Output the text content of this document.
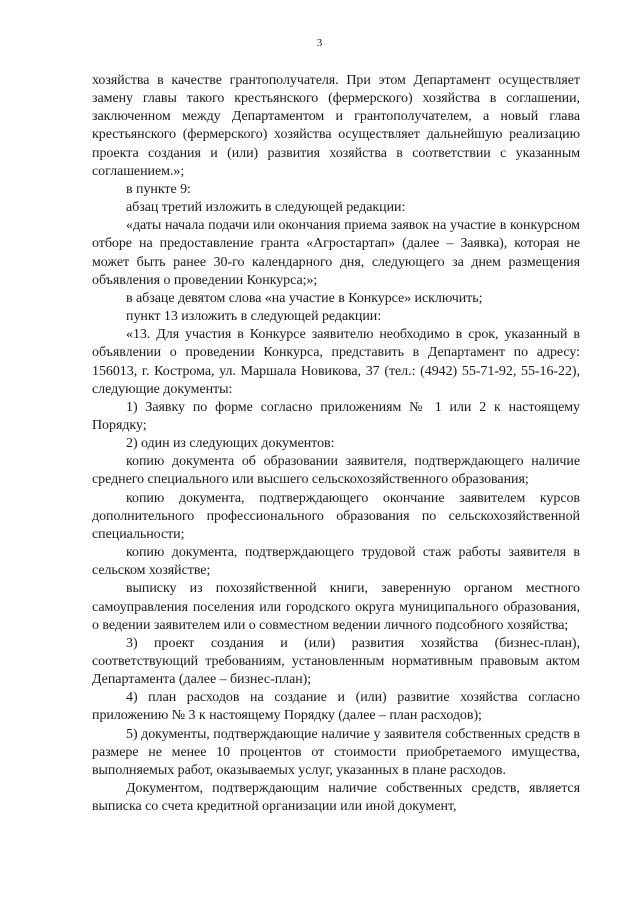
3

хозяйства в качестве грантополучателя. При этом Департамент осуществляет замену главы такого крестьянского (фермерского) хозяйства в соглашении, заключенном между Департаментом и грантополучателем, а новый глава крестьянского (фермерского) хозяйства осуществляет дальнейшую реализацию проекта создания и (или) развития хозяйства в соответствии с указанным соглашением.»;

в пункте 9:

абзац третий изложить в следующей редакции:

«даты начала подачи или окончания приема заявок на участие в конкурсном отборе на предоставление гранта «Агростартап» (далее – Заявка), которая не может быть ранее 30-го календарного дня, следующего за днем размещения объявления о проведении Конкурса;»;

в абзаце девятом слова «на участие в Конкурсе» исключить;

пункт 13 изложить в следующей редакции:

«13. Для участия в Конкурсе заявителю необходимо в срок, указанный в объявлении о проведении Конкурса, представить в Департамент по адресу: 156013, г. Кострома, ул. Маршала Новикова, 37 (тел.: (4942) 55-71-92, 55-16-22), следующие документы:

1) Заявку по форме согласно приложениям № 1 или 2 к настоящему Порядку;

2) один из следующих документов:

копию документа об образовании заявителя, подтверждающего наличие среднего специального или высшего сельскохозяйственного образования;

копию документа, подтверждающего окончание заявителем курсов дополнительного профессионального образования по сельскохозяйственной специальности;

копию документа, подтверждающего трудовой стаж работы заявителя в сельском хозяйстве;

выписку из похозяйственной книги, заверенную органом местного самоуправления поселения или городского округа муниципального образования, о ведении заявителем или о совместном ведении личного подсобного хозяйства;

3) проект создания и (или) развития хозяйства (бизнес-план), соответствующий требованиям, установленным нормативным правовым актом Департамента (далее – бизнес-план);

4) план расходов на создание и (или) развитие хозяйства согласно приложению № 3 к настоящему Порядку (далее – план расходов);

5) документы, подтверждающие наличие у заявителя собственных средств в размере не менее 10 процентов от стоимости приобретаемого имущества, выполняемых работ, оказываемых услуг, указанных в плане расходов.

Документом, подтверждающим наличие собственных средств, является выписка со счета кредитной организации или иной документ,
